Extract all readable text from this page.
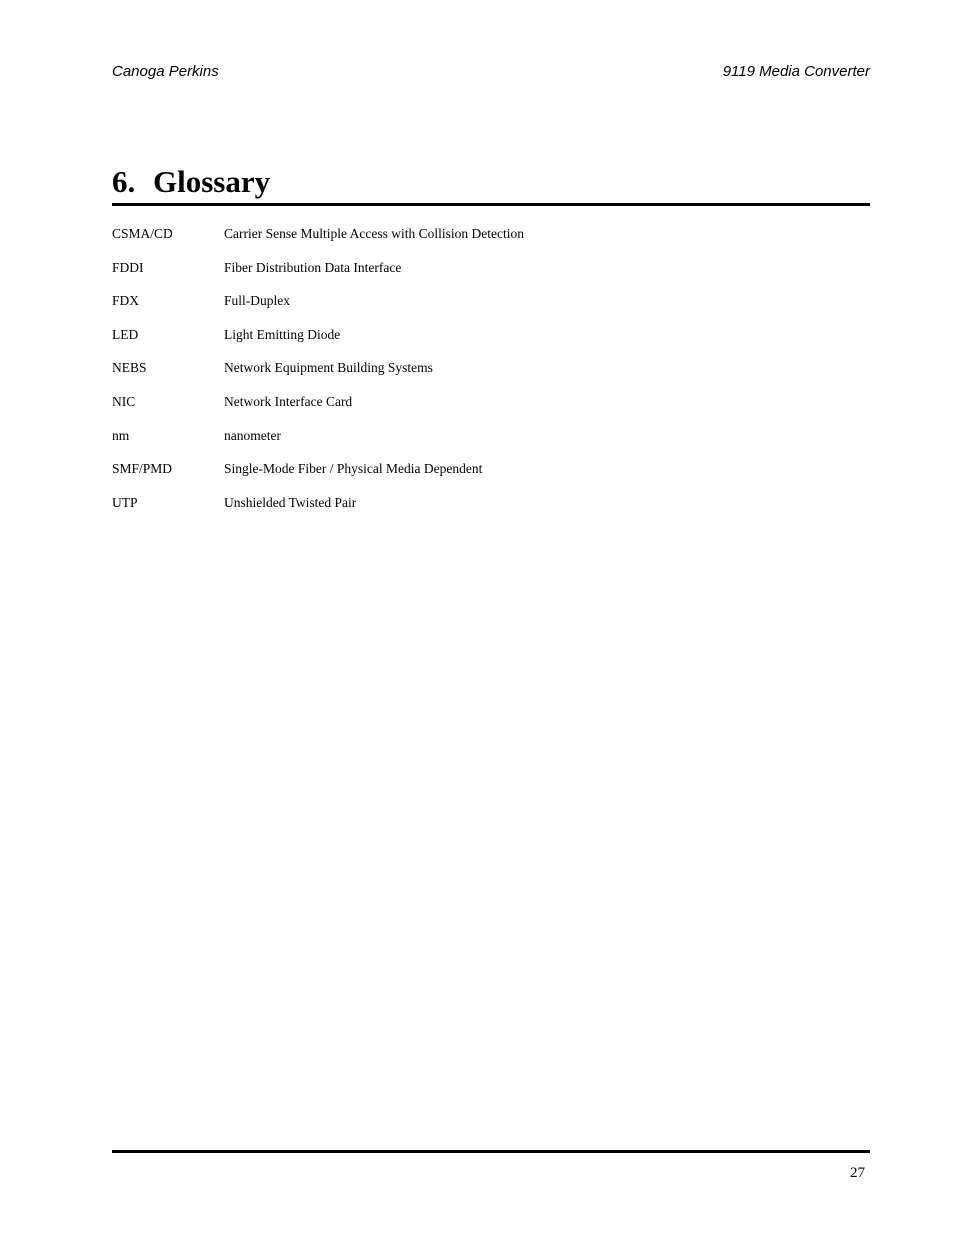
Canoga Perkins	9119 Media Converter
6. Glossary
CSMA/CD	Carrier Sense Multiple Access with Collision Detection
FDDI	Fiber Distribution Data Interface
FDX	Full-Duplex
LED	Light Emitting Diode
NEBS	Network Equipment Building Systems
NIC	Network Interface Card
nm	nanometer
SMF/PMD	Single-Mode Fiber / Physical Media Dependent
UTP	Unshielded Twisted Pair
27
